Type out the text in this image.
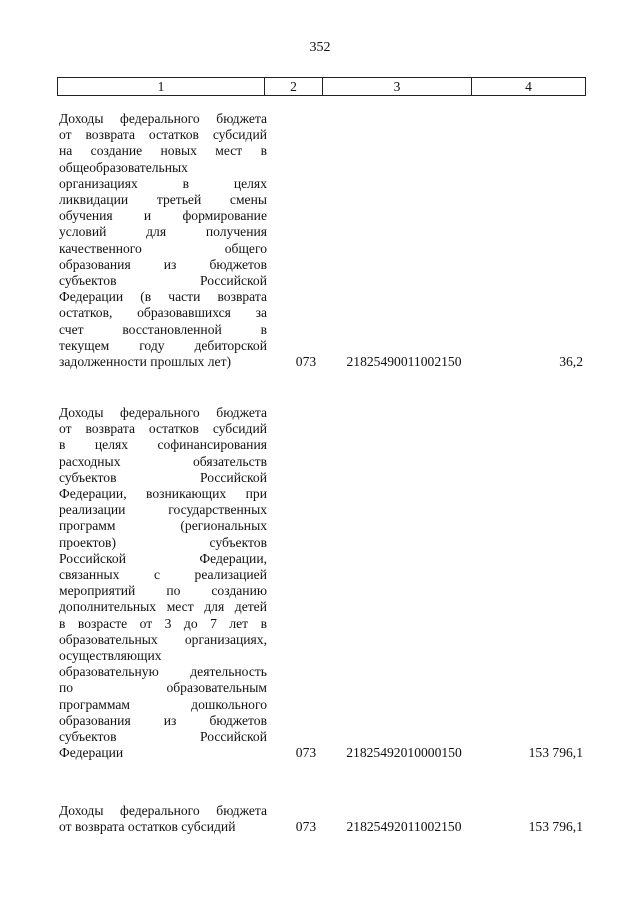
352
1	2	3	4
Доходы федерального бюджета
от возврата остатков субсидий
на создание новых мест в
общеобразовательных
организациях в целях
ликвидации третьей смены
обучения и формирование
условий для получения
качественного общего
образования из бюджетов
субъектов Российской
Федерации (в части возврата
остатков, образовавшихся за
счет восстановленной в
текущем году дебиторской
задолженности прошлых лет)	073	21825490011002150	36,2
Доходы федерального бюджета
от возврата остатков субсидий
в целях софинансирования
расходных обязательств
субъектов Российской
Федерации, возникающих при
реализации государственных
программ (региональных
проектов) субъектов
Российской Федерации,
связанных с реализацией
мероприятий по созданию
дополнительных мест для детей
в возрасте от 3 до 7 лет в
образовательных организациях,
осуществляющих
образовательную деятельность
по образовательным
программам дошкольного
образования из бюджетов
субъектов Российской
Федерации	073	21825492010000150	153 796,1
Доходы федерального бюджета
от возврата остатков субсидий	073	21825492011002150	153 796,1
